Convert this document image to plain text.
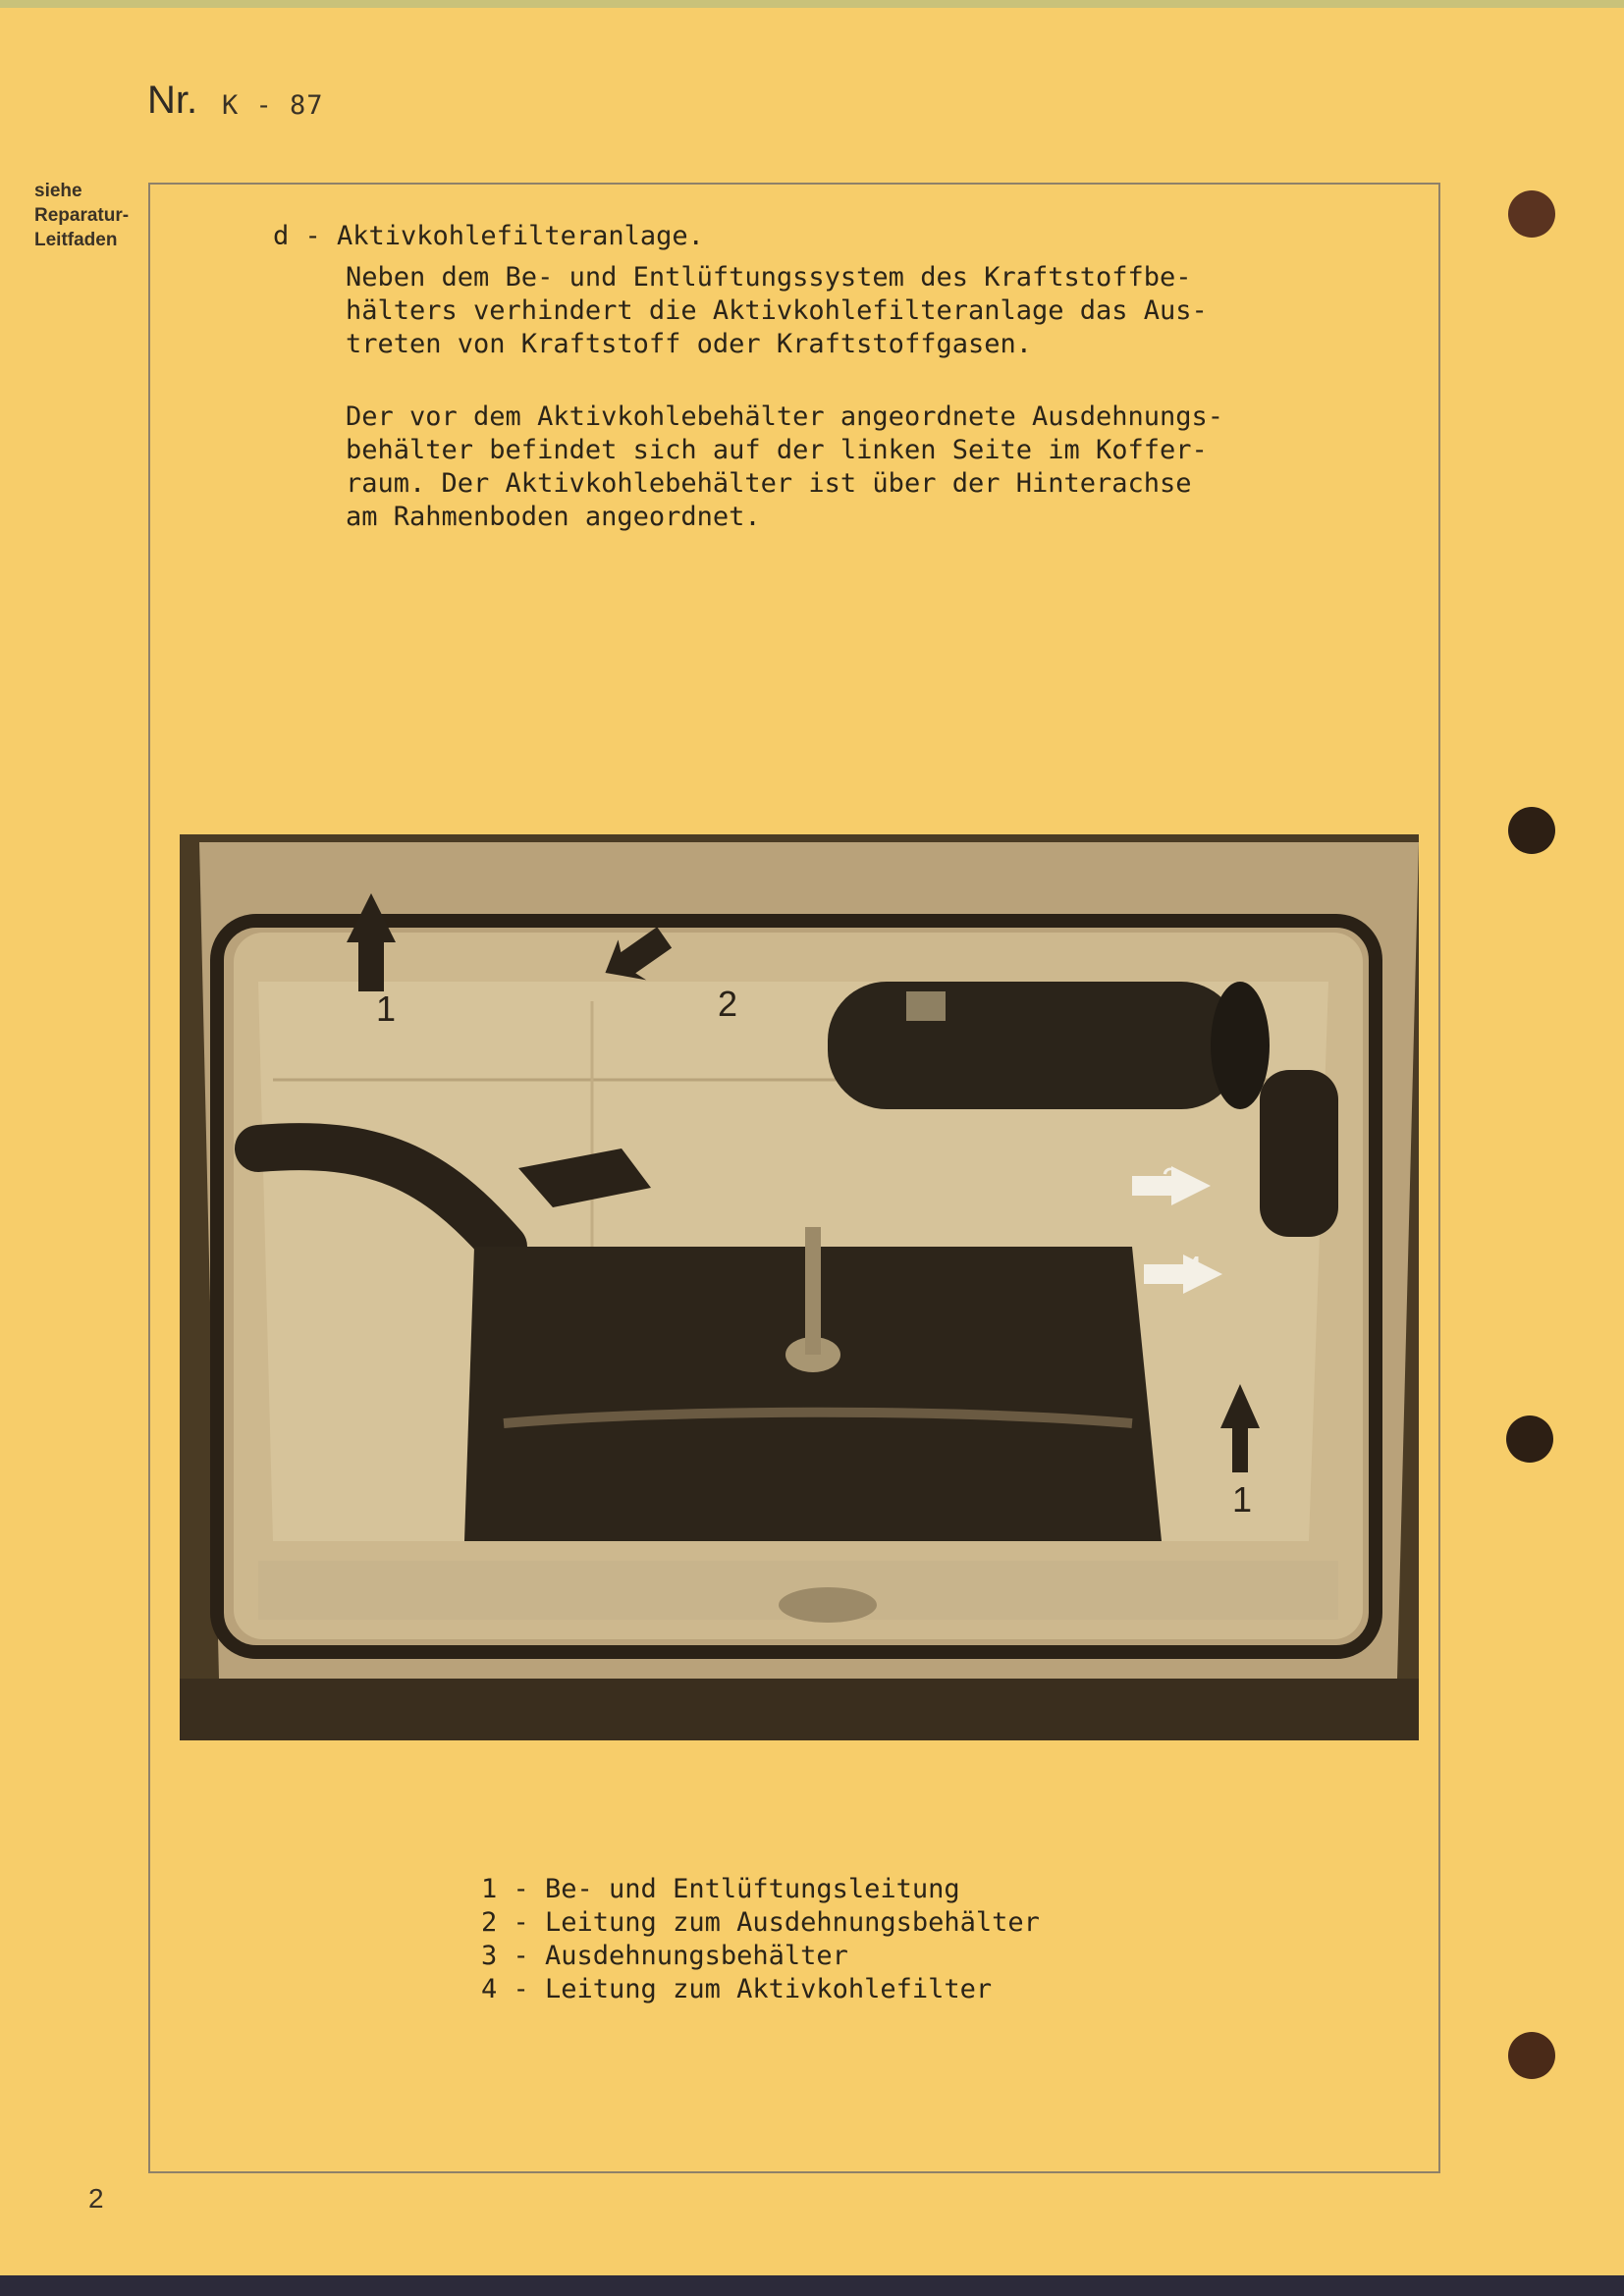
Nr. K - 87
siehe
Reparatur-
Leitfaden	d - Aktivkohlefilteranlage.
Neben dem Be- und Entlüftungssystem des Kraftstoffbe-
hälters verhindert die Aktivkohlefilteranlage das Aus-
treten von Kraftstoff oder Kraftstoffgasen.
Der vor dem Aktivkohlebehälter angeordnete Ausdehnungs-
behälter befindet sich auf der linken Seite im Koffer-
raum. Der Aktivkohlebehälter ist über der Hinterachse
am Rahmenboden angeordnet.
1	2
3
4
1
1 - Be- und Entlüftungsleitung
2 - Leitung zum Ausdehnungsbehälter
3 - Ausdehnungsbehälter
4 - Leitung zum Aktivkohlefilter
2
